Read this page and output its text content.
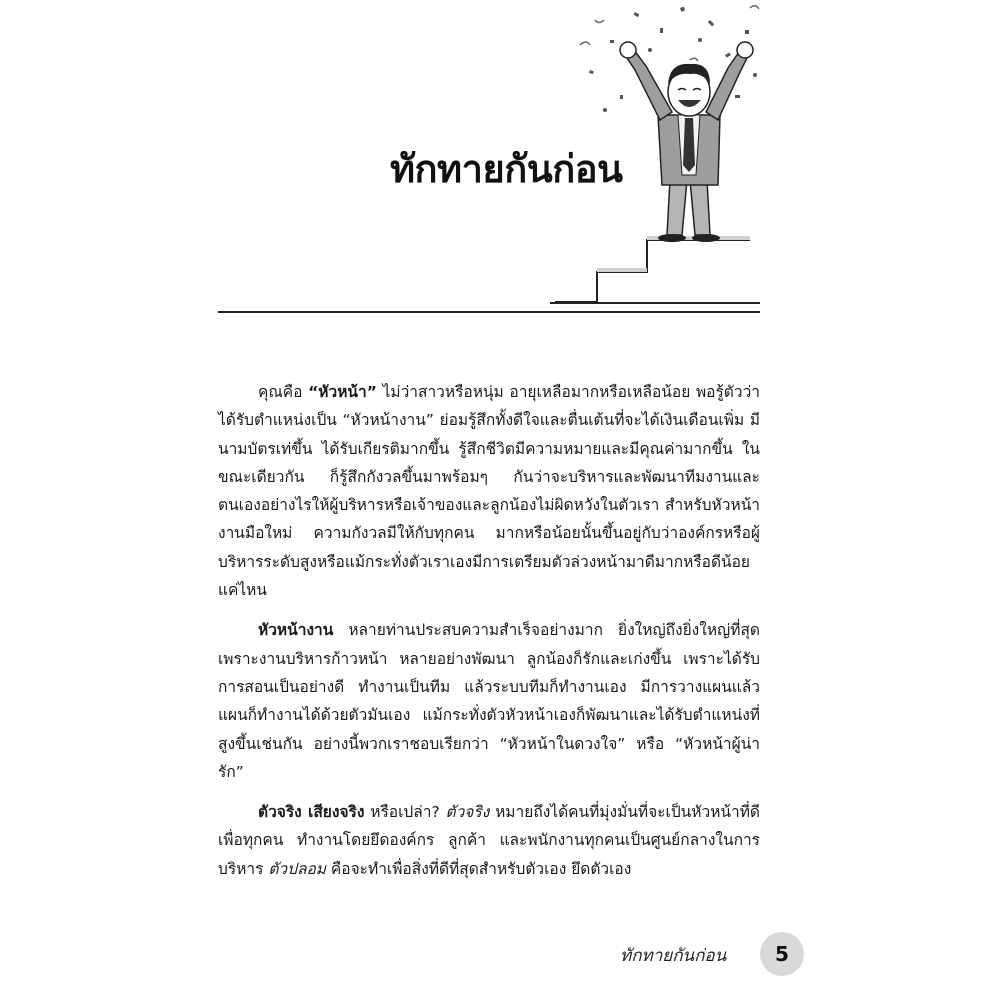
ทักทายกันก่อน

คุณคือ “หัวหน้า” ไม่ว่าสาวหรือหนุ่ม อายุเหลือมากหรือเหลือน้อย พอรู้ตัวว่าได้รับตำแหน่งเป็น “หัวหน้างาน” ย่อมรู้สึกทั้งดีใจและตื่นเต้นที่จะได้เงินเดือนเพิ่ม มีนามบัตรเท่ขึ้น ได้รับเกียรติมากขึ้น รู้สึกชีวิตมีความหมายและมีคุณค่ามากขึ้น ในขณะเดียวกัน ก็รู้สึกกังวลขึ้นมาพร้อมๆ กันว่าจะบริหารและพัฒนาทีมงานและตนเองอย่างไรให้ผู้บริหารหรือเจ้าของและลูกน้องไม่ผิดหวังในตัวเรา สำหรับหัวหน้างานมือใหม่ ความกังวลมีให้กับทุกคน มากหรือน้อยนั้นขึ้นอยู่กับว่าองค์กรหรือผู้บริหารระดับสูงหรือแม้กระทั่งตัวเราเองมีการเตรียมตัวล่วงหน้ามาดีมากหรือดีน้อยแค่ไหน

หัวหน้างาน หลายท่านประสบความสำเร็จอย่างมาก ยิ่งใหญ่ถึงยิ่งใหญ่ที่สุด เพราะงานบริหารก้าวหน้า หลายอย่างพัฒนา ลูกน้องก็รักและเก่งขึ้น เพราะได้รับการสอนเป็นอย่างดี ทำงานเป็นทีม แล้วระบบทีมก็ทำงานเอง มีการวางแผนแล้วแผนก็ทำงานได้ด้วยตัวมันเอง แม้กระทั่งตัวหัวหน้าเองก็พัฒนาและได้รับตำแหน่งที่สูงขึ้นเช่นกัน อย่างนี้พวกเราชอบเรียกว่า “หัวหน้าในดวงใจ” หรือ “หัวหน้าผู้น่ารัก”

ตัวจริง เสียงจริง หรือเปล่า? ตัวจริง หมายถึงได้คนที่มุ่งมั่นที่จะเป็นหัวหน้าที่ดีเพื่อทุกคน ทำงานโดยยึดองค์กร ลูกค้า และพนักงานทุกคนเป็นศูนย์กลางในการบริหาร ตัวปลอม คือจะทำเพื่อสิ่งที่ดีที่สุดสำหรับตัวเอง ยึดตัวเอง

ทักทายกันก่อน	5
